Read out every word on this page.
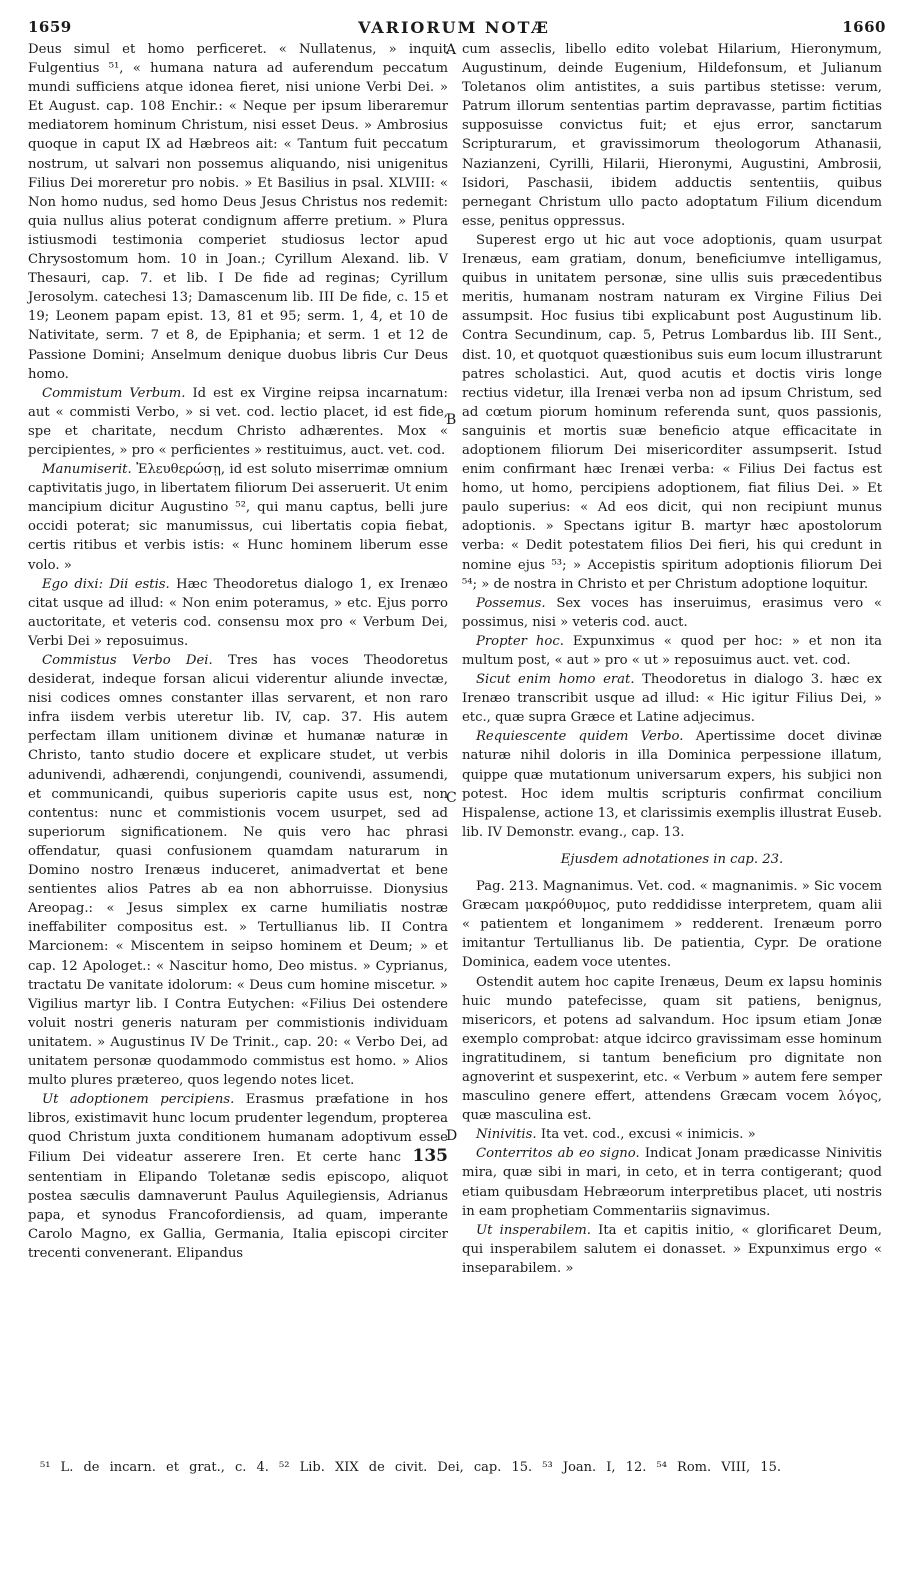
1659	VARIORUM NOTÆ	1660

Deus simul et homo perficeret. « Nullatenus, » inquit Fulgentius ⁵¹, « humana natura ad auferendum peccatum mundi sufficiens atque idonea fieret, nisi unione Verbi Dei. » Et August. cap. 108 Enchir.: « Neque per ipsum liberaremur mediatorem hominum Christum, nisi esset Deus. » Ambrosius quoque in caput IX ad Hæbreos ait: « Tantum fuit peccatum nostrum, ut salvari non possemus aliquando, nisi unigenitus Filius Dei moreretur pro nobis. » Et Basilius in psal. XLVIII: « Non homo nudus, sed homo Deus Jesus Christus nos redemit: quia nullus alius poterat condignum afferre pretium. » Plura istiusmodi testimonia comperiet studiosus lector apud Chrysostomum hom. 10 in Joan.; Cyrillum Alexand. lib. V Thesauri, cap. 7. et lib. I De fide ad reginas; Cyrillum Jerosolym. catechesi 13; Damascenum lib. III De fide, c. 15 et 19; Leonem papam epist. 13, 81 et 95; serm. 1, 4, et 10 de Nativitate, serm. 7 et 8, de Epiphania; et serm. 1 et 12 de Passione Domini; Anselmum denique duobus libris Cur Deus homo.

Commistum Verbum. Id est ex Virgine reipsa incarnatum: aut « commisti Verbo, » si vet. cod. lectio placet, id est fide, spe et charitate, necdum Christo adhærentes. Mox « percipientes, » pro « perficientes » restituimus, auct. vet. cod.

Manumiserit. Ἐλευθερώσῃ, id est soluto miserrimæ omnium captivitatis jugo, in libertatem filiorum Dei asseruerit. Ut enim mancipium dicitur Augustino ⁵², qui manu captus, belli jure occidi poterat; sic manumissus, cui libertatis copia fiebat, certis ritibus et verbis istis: « Hunc hominem liberum esse volo. »

Ego dixi: Dii estis. Hæc Theodoretus dialogo 1, ex Irenæo citat usque ad illud: « Non enim poteramus, » etc. Ejus porro auctoritate, et veteris cod. consensu mox pro « Verbum Dei, Verbi Dei » reposuimus.

Commistus Verbo Dei. Tres has voces Theodoretus desiderat, indeque forsan alicui viderentur aliunde invectæ, nisi codices omnes constanter illas servarent, et non raro infra iisdem verbis uteretur lib. IV, cap. 37. His autem perfectam illam unitionem divinæ et humanæ naturæ in Christo, tanto studio docere et explicare studet, ut verbis adunivendi, adhærendi, conjungendi, counivendi, assumendi, et communicandi, quibus superioris capite usus est, non contentus: nunc et commistionis vocem usurpet, sed ad superiorum significationem. Ne quis vero hac phrasi offendatur, quasi confusionem quamdam naturarum in Domino nostro Irenæus induceret, animadvertat et bene sentientes alios Patres ab ea non abhorruisse. Dionysius Areopag.: « Jesus simplex ex carne humiliatis nostræ ineffabiliter compositus est. » Tertullianus lib. II Contra Marcionem: « Miscentem in seipso hominem et Deum; » et cap. 12 Apologet.: « Nascitur homo, Deo mistus. » Cyprianus, tractatu De vanitate idolorum: « Deus cum homine miscetur. » Vigilius martyr lib. I Contra Eutychen: «Filius Dei ostendere voluit nostri generis naturam per commistionis individuam unitatem. » Augustinus IV De Trinit., cap. 20: « Verbo Dei, ad unitatem personæ quodammodo commistus est homo. » Alios multo plures prætereo, quos legendo notes licet.

Ut adoptionem percipiens. Erasmus præfatione in hos libros, existimavit hunc locum prudenter legendum, propterea quod Christum juxta conditionem humanam adoptivum esse Filium Dei videatur asserere Iren. Et certe hanc 135 sententiam in Elipando Toletanæ sedis episcopo, aliquot postea sæculis damnaverunt Paulus Aquilegiensis, Adrianus papa, et synodus Francofordiensis, ad quam, imperante Carolo Magno, ex Gallia, Germania, Italia episcopi circiter trecenti convenerant. Elipandus

cum asseclis, libello edito volebat Hilarium, Hieronymum, Augustinum, deinde Eugenium, Hildefonsum, et Julianum Toletanos olim antistites, a suis partibus stetisse: verum, Patrum illorum sententias partim depravasse, partim fictitias supposuisse convictus fuit; et ejus error, sanctarum Scripturarum, et gravissimorum theologorum Athanasii, Nazianzeni, Cyrilli, Hilarii, Hieronymi, Augustini, Ambrosii, Isidori, Paschasii, ibidem adductis sententiis, quibus pernegant Christum ullo pacto adoptatum Filium dicendum esse, penitus oppressus.

Superest ergo ut hic aut voce adoptionis, quam usurpat Irenæus, eam gratiam, donum, beneficiumve intelligamus, quibus in unitatem personæ, sine ullis suis præcedentibus meritis, humanam nostram naturam ex Virgine Filius Dei assumpsit. Hoc fusius tibi explicabunt post Augustinum lib. Contra Secundinum, cap. 5, Petrus Lombardus lib. III Sent., dist. 10, et quotquot quæstionibus suis eum locum illustrarunt patres scholastici. Aut, quod acutis et doctis viris longe rectius videtur, illa Irenæi verba non ad ipsum Christum, sed ad cœtum piorum hominum referenda sunt, quos passionis, sanguinis et mortis suæ beneficio atque efficacitate in adoptionem filiorum Dei misericorditer assumpserit. Istud enim confirmant hæc Irenæi verba: « Filius Dei factus est homo, ut homo, percipiens adoptionem, fiat filius Dei. » Et paulo superius: « Ad eos dicit, qui non recipiunt munus adoptionis. » Spectans igitur B. martyr hæc apostolorum verba: « Dedit potestatem filios Dei fieri, his qui credunt in nomine ejus ⁵³; » Accepistis spiritum adoptionis filiorum Dei ⁵⁴; » de nostra in Christo et per Christum adoptione loquitur.

Possemus. Sex voces has inseruimus, erasimus vero « possimus, nisi » veteris cod. auct.

Propter hoc. Expunximus « quod per hoc: » et non ita multum post, « aut » pro « ut » reposuimus auct. vet. cod.

Sicut enim homo erat. Theodoretus in dialogo 3. hæc ex Irenæo transcribit usque ad illud: « Hic igitur Filius Dei, » etc., quæ supra Græce et Latine adjecimus.

Requiescente quidem Verbo. Apertissime docet divinæ naturæ nihil doloris in illa Dominica perpessione illatum, quippe quæ mutationum universarum expers, his subjici non potest. Hoc idem multis scripturis confirmat concilium Hispalense, actione 13, et clarissimis exemplis illustrat Euseb. lib. IV Demonstr. evang., cap. 13.

Ejusdem adnotationes in cap. 23.

Pag. 213. Magnanimus. Vet. cod. « magnanimis. » Sic vocem Græcam μακρόθυμος, puto reddidisse interpretem, quam alii « patientem et longanimem » redderent. Irenæum porro imitantur Tertullianus lib. De patientia, Cypr. De oratione Dominica, eadem voce utentes.

Ostendit autem hoc capite Irenæus, Deum ex lapsu hominis huic mundo patefecisse, quam sit patiens, benignus, misericors, et potens ad salvandum. Hoc ipsum etiam Jonæ exemplo comprobat: atque idcirco gravissimam esse hominum ingratitudinem, si tantum beneficium pro dignitate non agnoverint et suspexerint, etc. « Verbum » autem fere semper masculino genere effert, attendens Græcam vocem λόγος, quæ masculina est.

Ninivitis. Ita vet. cod., excusi « inimicis. »

Conterritos ab eo signo. Indicat Jonam prædicasse Ninivitis mira, quæ sibi in mari, in ceto, et in terra contigerant; quod etiam quibusdam Hebræorum interpretibus placet, uti nostris in eam prophetiam Commentariis signavimus.

Ut insperabilem. Ita et capitis initio, « glorificaret Deum, qui insperabilem salutem ei donasset. » Expunximus ergo « inseparabilem. »

A
B
C
D
⁵¹ L. de incarn. et grat., c. 4. ⁵² Lib. XIX de civit. Dei, cap. 15. ⁵³ Joan. I, 12. ⁵⁴ Rom. VIII, 15.
